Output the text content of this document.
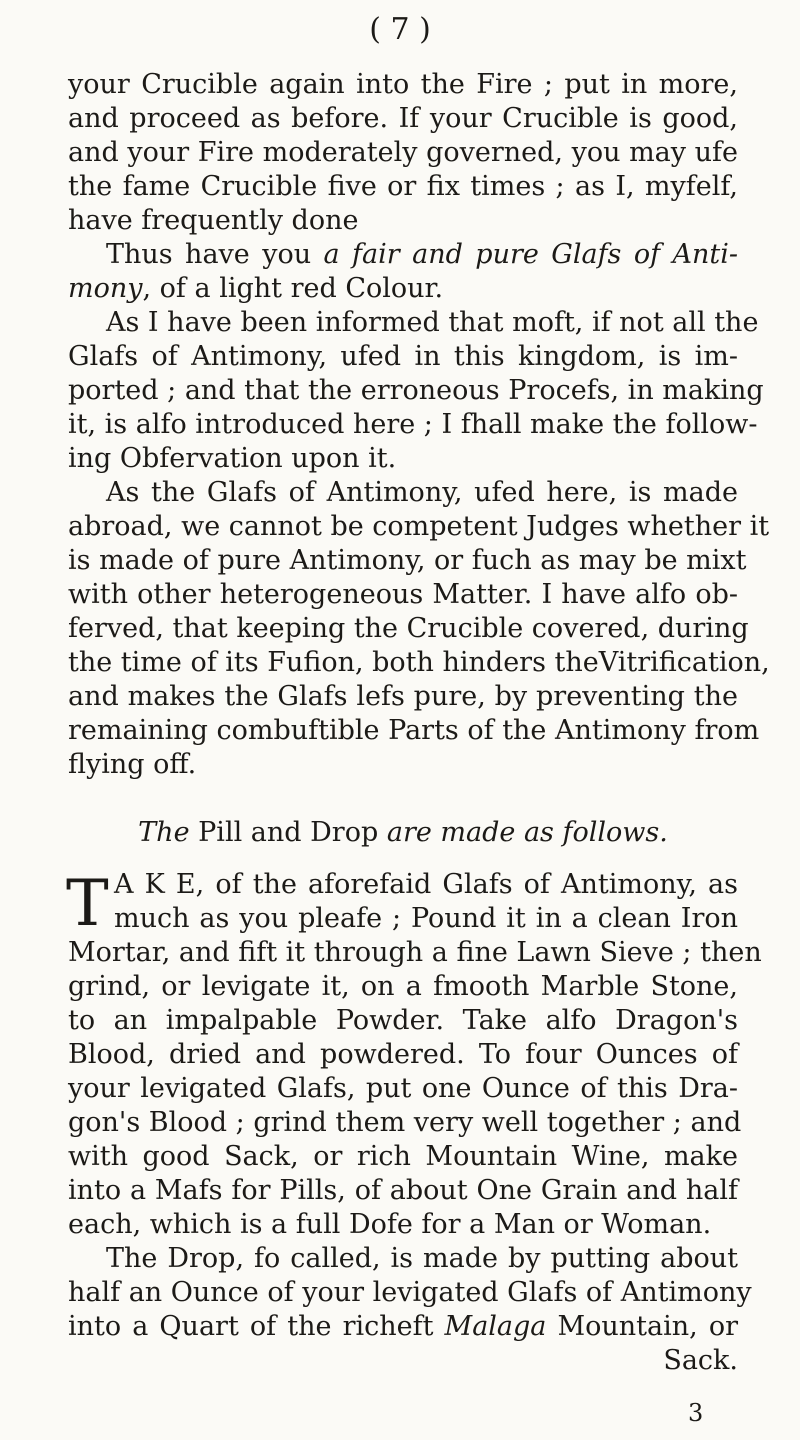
( 7 )
your Crucible again into the Fire ; put in more,
and proceed as before. If your Crucible is good,
and your Fire moderately governed, you may ufe
the fame Crucible five or fix times ; as I, myfelf,
have frequently done
Thus have you a fair and pure Glafs of Anti-
mony, of a light red Colour.
As I have been informed that moft, if not all the
Glafs of Antimony, ufed in this kingdom, is im-
ported ; and that the erroneous Procefs, in making
it, is alfo introduced here ; I fhall make the follow-
ing Obfervation upon it.
As the Glafs of Antimony, ufed here, is made
abroad, we cannot be competent Judges whether it
is made of pure Antimony, or fuch as may be mixt
with other heterogeneous Matter. I have alfo ob-
ferved, that keeping the Crucible covered, during
the time of its Fufion, both hinders theVitrification,
and makes the Glafs lefs pure, by preventing the
remaining combuftible Parts of the Antimony from
flying off.
The Pill and Drop are made as follows.
T A K E, of the aforefaid Glafs of Antimony, as
much as you pleafe ; Pound it in a clean Iron
Mortar, and fift it through a fine Lawn Sieve ; then
grind, or levigate it, on a fmooth Marble Stone,
to an impalpable Powder. Take alfo Dragon's
Blood, dried and powdered. To four Ounces of
your levigated Glafs, put one Ounce of this Dra-
gon's Blood ; grind them very well together ; and
with good Sack, or rich Mountain Wine, make
into a Mafs for Pills, of about One Grain and half
each, which is a full Dofe for a Man or Woman.
The Drop, fo called, is made by putting about
half an Ounce of your levigated Glafs of Antimony
into a Quart of the richeft Malaga Mountain, or
Sack.
3
